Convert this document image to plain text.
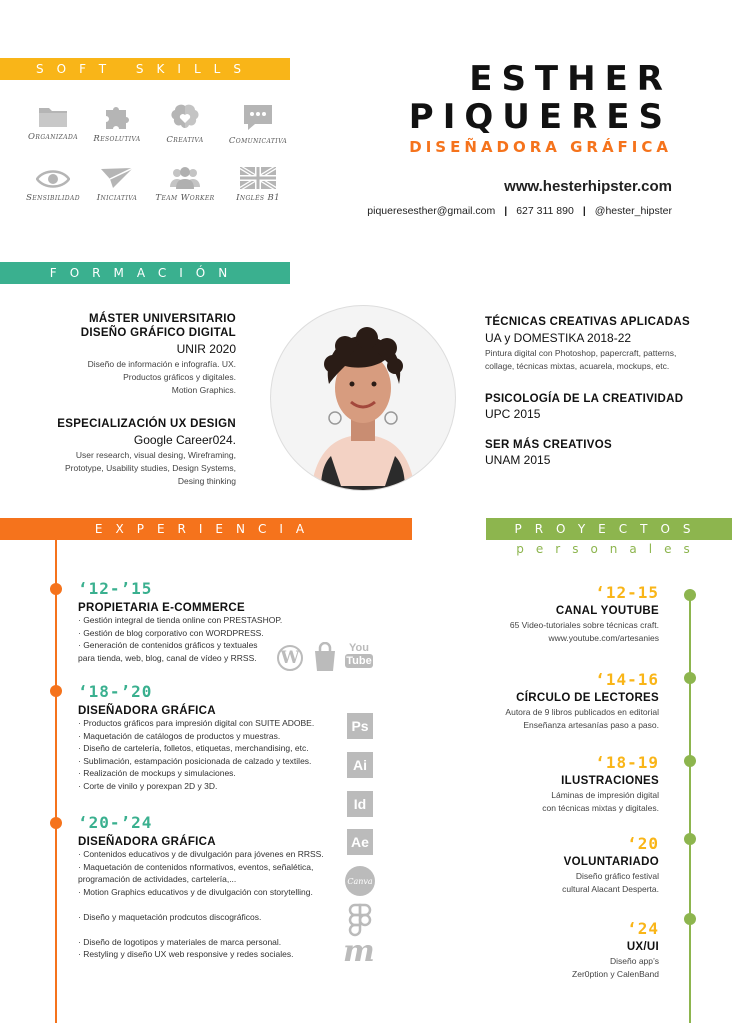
SOFT SKILLS
Organizada	Resolutiva	Creativa	Comunicativa
Sensibilidad	Iniciativa	Team Worker	Inglés B1
ESTHER
PIQUERES
DISEÑADORA GRÁFICA
www.hesterhipster.com
piqueresesther@gmail.com | 627 311 890 | @hester_hipster
FORMACIÓN
MÁSTER UNIVERSITARIO
DISEÑO GRÁFICO DIGITAL
UNIR 2020
Diseño de información e infografía. UX.
Productos gráficos y digitales.
Motion Graphics.
ESPECIALIZACIÓN UX DESIGN
Google Career024.
User research, visual desing, Wireframing,
Prototype, Usability studies, Design Systems,
Desing thinking
TÉCNICAS CREATIVAS APLICADAS
UA y DOMESTIKA 2018-22
Pintura digital con Photoshop, papercraft, patterns,
collage, técnicas mixtas, acuarela, mockups, etc.
PSICOLOGÍA DE LA CREATIVIDAD
UPC 2015
SER MÁS CREATIVOS
UNAM 2015
EXPERIENCIA
‘12-’15
PROPIETARIA E-COMMERCE
· Gestión integral de tienda online con PRESTASHOP.
· Gestión de blog corporativo con WORDPRESS.
· Generación de contenidos gráficos y textuales
para tienda, web, blog, canal de vídeo y RRSS.
‘18-’20
DISEÑADORA GRÁFICA
· Productos gráficos para impresión digital con SUITE ADOBE.
· Maquetación de catálogos de productos y muestras.
· Diseño de cartelería, folletos, etiquetas, merchandising, etc.
· Sublimación, estampación posicionada de calzado y textiles.
· Realización de mockups y simulaciones.
· Corte de vinilo y porexpan 2D y 3D.
‘20-’24
DISEÑADORA GRÁFICA
· Contenidos educativos y de divulgación para jóvenes en RRSS.
· Maquetación de contenidos nformativos, eventos, señalética,
programación de actividades, cartelería,...
· Motion Graphics educativos y de divulgación con storytelling.
· Diseño y maquetación prodcutos discográficos.
· Diseño de logotipos y materiales de marca personal.
· Restyling y diseño UX web responsive y redes sociales.
W	You
Tube
Ps
Ai
Id
Ae
Canva
m
PROYECTOS
personales
‘12-15
CANAL YOUTUBE
65 Video-tutoriales sobre técnicas craft.
www.youtube.com/artesanies
‘14-16
CÍRCULO DE LECTORES
Autora de 9 libros publicados en editorial
Enseñanza artesanías paso a paso.
‘18-19
ILUSTRACIONES
Láminas de impresión digital
con técnicas mixtas y digitales.
‘20
VOLUNTARIADO
Diseño gráfico festival
cultural Alacant Desperta.
‘24
UX/UI
Diseño app’s
Zer0ption y CalenBand
